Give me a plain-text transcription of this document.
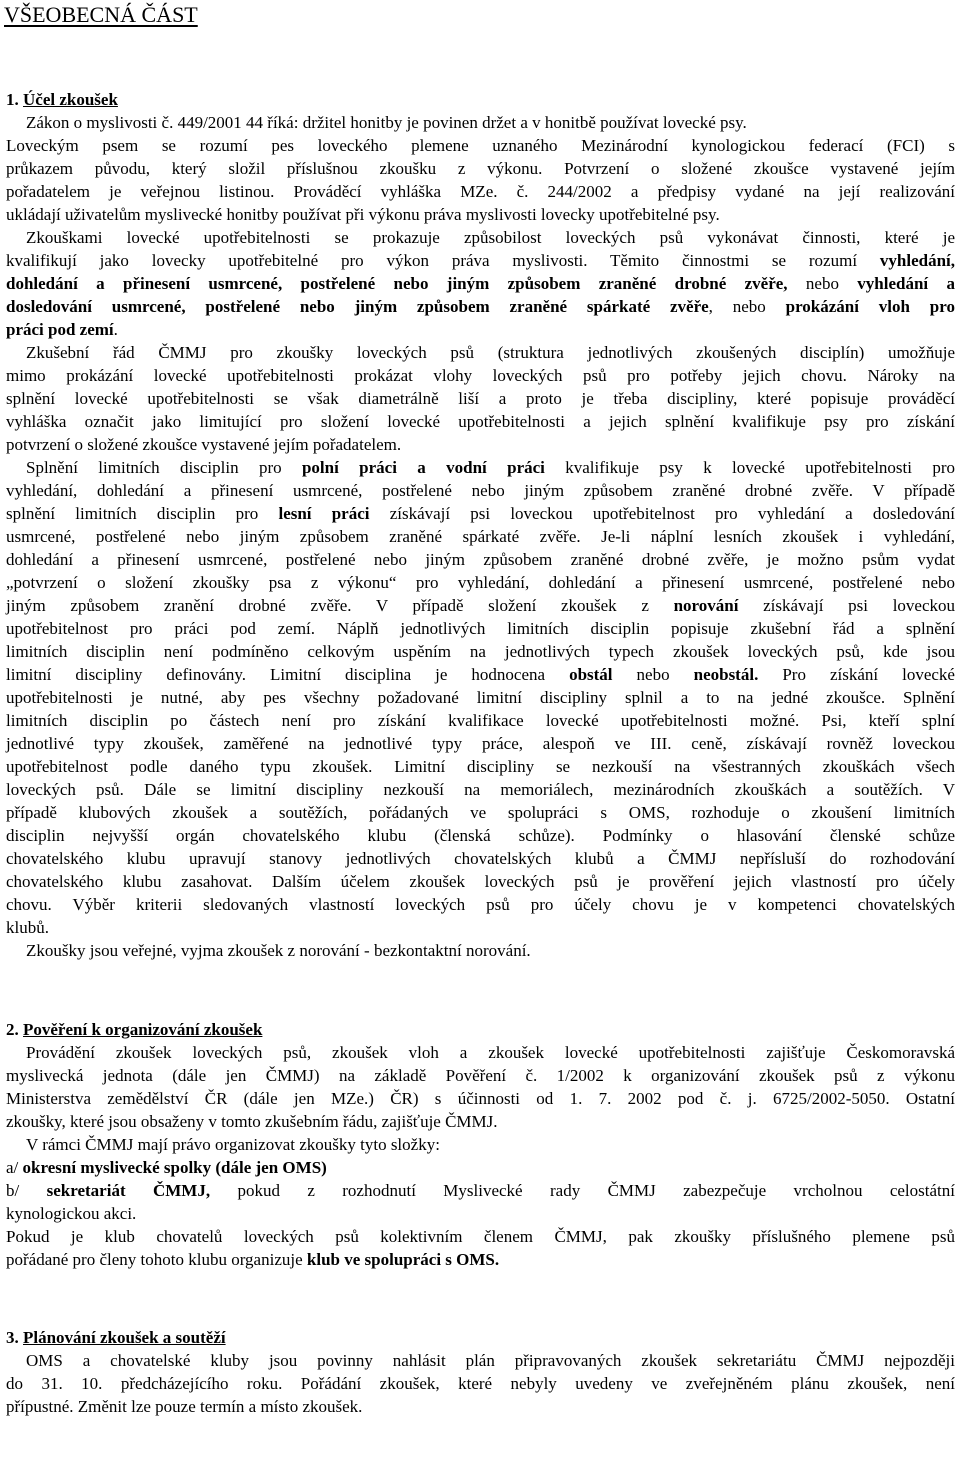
VŠEOBECNÁ ČÁST
1. Účel zkoušek
Zákon o myslivosti č. 449/2001 44 říká: držitel honitby je povinen držet a v honitbě používat lovecké psy.
Loveckým psem se rozumí pes loveckého plemene uznaného Mezinárodní kynologickou federací (FCI) s
průkazem původu, který složil příslušnou zkoušku z výkonu. Potvrzení o složené zkoušce vystavené jejím
pořadatelem je veřejnou listinou. Prováděcí vyhláška MZe. č. 244/2002 a předpisy vydané na její realizování
ukládají uživatelům myslivecké honitby používat při výkonu práva myslivosti lovecky upotřebitelné psy.
Zkouškami lovecké upotřebitelnosti se prokazuje způsobilost loveckých psů vykonávat činnosti, které je
kvalifikují jako lovecky upotřebitelné pro výkon práva myslivosti. Těmito činnostmi se rozumí vyhledání,
dohledání a přinesení usmrcené, postřelené nebo jiným způsobem zraněné drobné zvěře, nebo vyhledání a
dosledování usmrcené, postřelené nebo jiným způsobem zraněné spárkaté zvěře, nebo prokázání vloh pro
práci pod zemí.
Zkušební řád ČMMJ pro zkoušky loveckých psů (struktura jednotlivých zkoušených disciplín) umožňuje
mimo prokázání lovecké upotřebitelnosti prokázat vlohy loveckých psů pro potřeby jejich chovu. Nároky na
splnění lovecké upotřebitelnosti se však diametrálně liší a proto je třeba discipliny, které popisuje prováděcí
vyhláška označit jako limitující pro složení lovecké upotřebitelnosti a jejich splnění kvalifikuje psy pro získání
potvrzení o složené zkoušce vystavené jejím pořadatelem.
Splnění limitních disciplin pro polní práci a vodní práci kvalifikuje psy k lovecké upotřebitelnosti pro
vyhledání, dohledání a přinesení usmrcené, postřelené nebo jiným způsobem zraněné drobné zvěře. V případě
splnění limitních disciplin pro lesní práci získávají psi loveckou upotřebitelnost pro vyhledání a dosledování
usmrcené, postřelené nebo jiným způsobem zraněné spárkaté zvěře. Je-li náplní lesních zkoušek i vyhledání,
dohledání a přinesení usmrcené, postřelené nebo jiným způsobem zraněné drobné zvěře, je možno psům vydat
„potvrzení o složení zkoušky psa z výkonu“ pro vyhledání, dohledání a přinesení usmrcené, postřelené nebo
jiným způsobem zranění drobné zvěře. V případě složení zkoušek z norování získávají psi loveckou
upotřebitelnost pro práci pod zemí. Náplň jednotlivých limitních disciplin popisuje zkušební řád a splnění
limitních disciplin není podmíněno celkovým uspěním na jednotlivých typech zkoušek loveckých psů, kde jsou
limitní discipliny definovány. Limitní disciplina je hodnocena obstál nebo neobstál. Pro získání lovecké
upotřebitelnosti je nutné, aby pes všechny požadované limitní discipliny splnil a to na jedné zkoušce. Splnění
limitních disciplin po částech není pro získání kvalifikace lovecké upotřebitelnosti možné. Psi, kteří splní
jednotlivé typy zkoušek, zaměřené na jednotlivé typy práce, alespoň ve III. ceně, získávají rovněž loveckou
upotřebitelnost podle daného typu zkoušek. Limitní discipliny se nezkouší na všestranných zkouškách všech
loveckých psů. Dále se limitní discipliny nezkouší na memoriálech, mezinárodních zkouškách a soutěžích. V
případě klubových zkoušek a soutěžích, pořádaných ve spolupráci s OMS, rozhoduje o zkoušení limitních
disciplin nejvyšší orgán chovatelského klubu (členská schůze). Podmínky o hlasování členské schůze
chovatelského klubu upravují stanovy jednotlivých chovatelských klubů a ČMMJ nepřísluší do rozhodování
chovatelského klubu zasahovat. Dalším účelem zkoušek loveckých psů je prověření jejich vlastností pro účely
chovu. Výběr kriterii sledovaných vlastností loveckých psů pro účely chovu je v kompetenci chovatelských
klubů.
Zkoušky jsou veřejné, vyjma zkoušek z norování - bezkontaktní norování.
2. Pověření k organizování zkoušek
Provádění zkoušek loveckých psů, zkoušek vloh a zkoušek lovecké upotřebitelnosti zajišťuje Českomoravská
myslivecká jednota (dále jen ČMMJ) na základě Pověření č. 1/2002 k organizování zkoušek psů z výkonu
Ministerstva zemědělství ČR (dále jen MZe.) ČR) s účinnosti od 1. 7. 2002 pod č. j. 6725/2002-5050. Ostatní
zkoušky, které jsou obsaženy v tomto zkušebním řádu, zajišťuje ČMMJ.
V rámci ČMMJ mají právo organizovat zkoušky tyto složky:
a/ okresní myslivecké spolky (dále jen OMS)
b/ sekretariát ČMMJ, pokud z rozhodnutí Myslivecké rady ČMMJ zabezpečuje vrcholnou celostátní
kynologickou akci.
Pokud je klub chovatelů loveckých psů kolektivním členem ČMMJ, pak zkoušky příslušného plemene psů
pořádané pro členy tohoto klubu organizuje klub ve spolupráci s OMS.
3. Plánování zkoušek a soutěží
OMS a chovatelské kluby jsou povinny nahlásit plán připravovaných zkoušek sekretariátu ČMMJ nejpozději
do 31. 10. předcházejícího roku. Pořádání zkoušek, které nebyly uvedeny ve zveřejněném plánu zkoušek, není
přípustné. Změnit lze pouze termín a místo zkoušek.
